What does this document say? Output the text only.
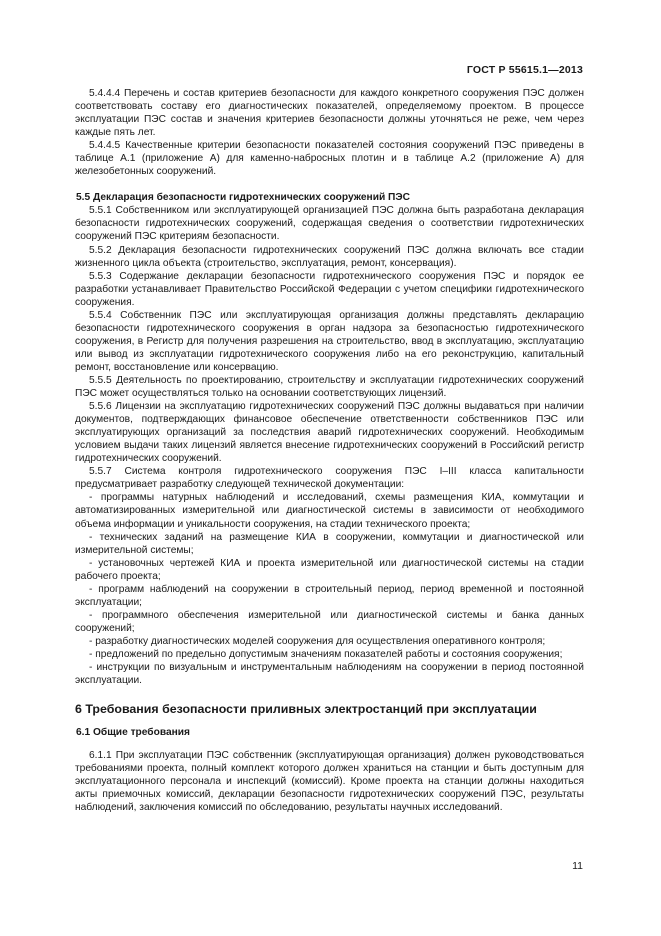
ГОСТ Р 55615.1—2013

5.4.4.4 Перечень и состав критериев безопасности для каждого конкретного сооружения ПЭС должен соответствовать составу его диагностических показателей, определяемому проектом. В процессе эксплуатации ПЭС состав и значения критериев безопасности должны уточняться не реже, чем через каждые пять лет.

5.4.4.5 Качественные критерии безопасности показателей состояния сооружений ПЭС приведены в таблице А.1 (приложение А) для каменно-набросных плотин и в таблице А.2 (приложение А) для железобетонных сооружений.

5.5 Декларация безопасности гидротехнических сооружений ПЭС

5.5.1 Собственником или эксплуатирующей организацией ПЭС должна быть разработана декларация безопасности гидротехнических сооружений, содержащая сведения о соответствии гидротехнических сооружений ПЭС критериям безопасности.

5.5.2 Декларация безопасности гидротехнических сооружений ПЭС должна включать все стадии жизненного цикла объекта (строительство, эксплуатация, ремонт, консервация).

5.5.3 Содержание декларации безопасности гидротехнического сооружения ПЭС и порядок ее разработки устанавливает Правительство Российской Федерации с учетом специфики гидротехнического сооружения.

5.5.4 Собственник ПЭС или эксплуатирующая организация должны представлять декларацию безопасности гидротехнического сооружения в орган надзора за безопасностью гидротехнического сооружения, в Регистр для получения разрешения на строительство, ввод в эксплуатацию, эксплуатацию или вывод из эксплуатации гидротехнического сооружения либо на его реконструкцию, капитальный ремонт, восстановление или консервацию.

5.5.5 Деятельность по проектированию, строительству и эксплуатации гидротехнических сооружений ПЭС может осуществляться только на основании соответствующих лицензий.

5.5.6 Лицензии на эксплуатацию гидротехнических сооружений ПЭС должны выдаваться при наличии документов, подтверждающих финансовое обеспечение ответственности собственников ПЭС или эксплуатирующих организаций за последствия аварий гидротехнических сооружений. Необходимым условием выдачи таких лицензий является внесение гидротехнических сооружений в Российский регистр гидротехнических сооружений.

5.5.7 Система контроля гидротехнического сооружения ПЭС I–III класса капитальности предусматривает разработку следующей технической документации:

- программы натурных наблюдений и исследований, схемы размещения КИА, коммутации и автоматизированных измерительной или диагностической системы в зависимости от необходимого объема информации и уникальности сооружения, на стадии технического проекта;

- технических заданий на размещение КИА в сооружении, коммутации и диагностической или измерительной системы;

- установочных чертежей КИА и проекта измерительной или диагностической системы на стадии рабочего проекта;

- программ наблюдений на сооружении в строительный период, период временной и постоянной эксплуатации;

- программного обеспечения измерительной или диагностической системы и банка данных сооружений;

- разработку диагностических моделей сооружения для осуществления оперативного контроля;

- предложений по предельно допустимым значениям показателей работы и состояния сооружения;

- инструкции по визуальным и инструментальным наблюдениям на сооружении в период постоянной эксплуатации.

6 Требования безопасности приливных электростанций при эксплуатации

6.1 Общие требования

6.1.1 При эксплуатации ПЭС собственник (эксплуатирующая организация) должен руководствоваться требованиями проекта, полный комплект которого должен храниться на станции и быть доступным для эксплуатационного персонала и инспекций (комиссий). Кроме проекта на станции должны находиться акты приемочных комиссий, декларации безопасности гидротехнических сооружений ПЭС, результаты наблюдений, заключения комиссий по обследованию, результаты научных исследований.

11
